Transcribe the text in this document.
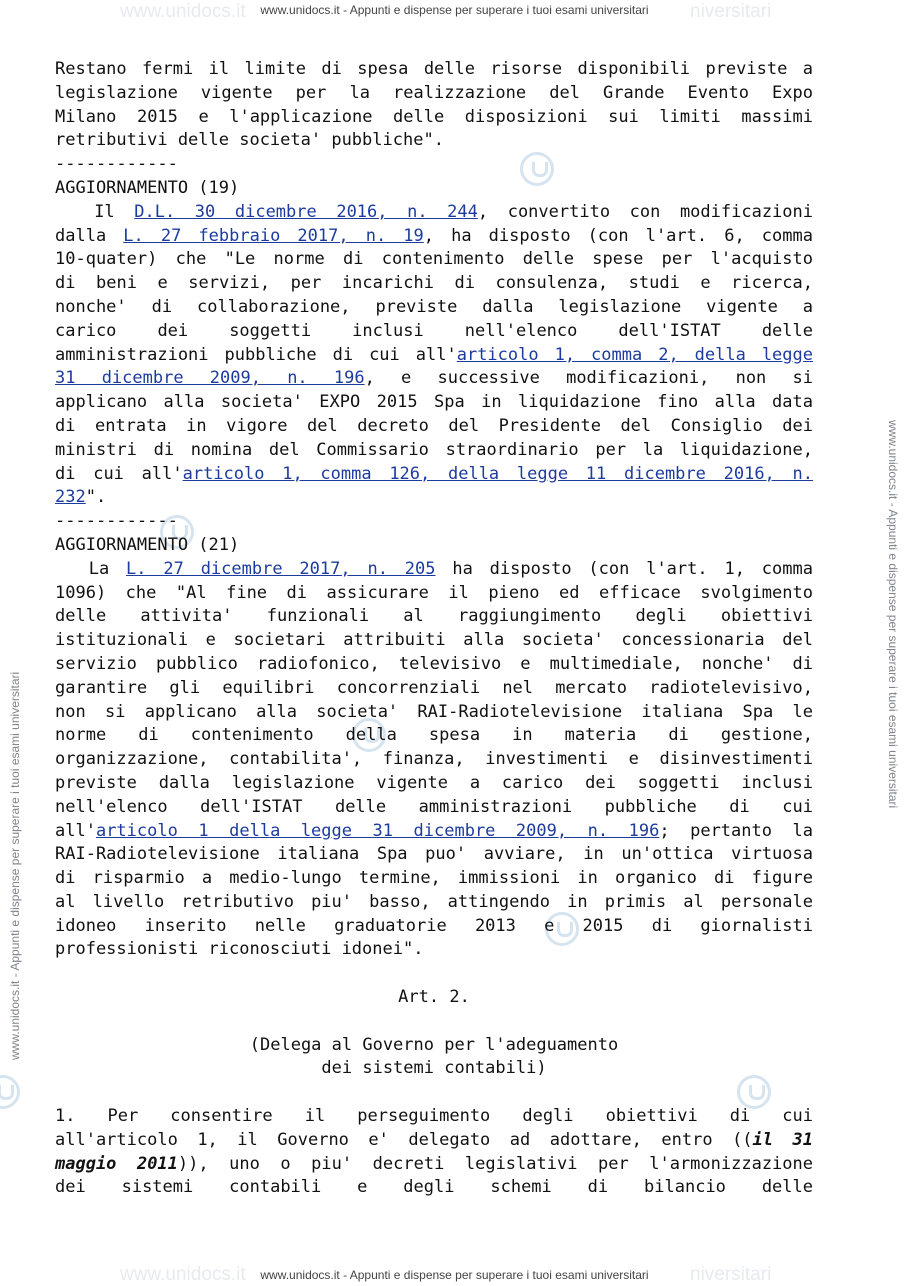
www.unidocs.it	niversitari
www.unidocs.it	niversitari
www.unidocs.it - Appunti e dispense per superare i tuoi esami universitari
www.unidocs.it - Appunti e dispense per superare i tuoi esami universitari
www.unidocs.it - Appunti e dispense per superare i tuoi esami universitari
www.unidocs.it - Appunti e dispense per superare i tuoi esami universitari
Restano fermi il limite di spesa delle risorse disponibili previste a
legislazione vigente per la realizzazione del Grande Evento Expo
Milano 2015 e l'applicazione delle disposizioni sui limiti massimi
retributivi delle societa' pubbliche".
------------
AGGIORNAMENTO (19)
Il D.L. 30 dicembre 2016, n. 244, convertito con modificazioni
dalla L. 27 febbraio 2017, n. 19, ha disposto (con l'art. 6, comma
10-quater) che "Le norme di contenimento delle spese per l'acquisto
di beni e servizi, per incarichi di consulenza, studi e ricerca,
nonche' di collaborazione, previste dalla legislazione vigente a
carico dei soggetti inclusi nell'elenco dell'ISTAT delle
amministrazioni pubbliche di cui all'articolo 1, comma 2, della legge
31 dicembre 2009, n. 196, e successive modificazioni, non si
applicano alla societa' EXPO 2015 Spa in liquidazione fino alla data
di entrata in vigore del decreto del Presidente del Consiglio dei
ministri di nomina del Commissario straordinario per la liquidazione,
di cui all'articolo 1, comma 126, della legge 11 dicembre 2016, n.
232".
------------
AGGIORNAMENTO (21)
La L. 27 dicembre 2017, n. 205 ha disposto (con l'art. 1, comma
1096) che "Al fine di assicurare il pieno ed efficace svolgimento
delle attivita' funzionali al raggiungimento degli obiettivi
istituzionali e societari attribuiti alla societa' concessionaria del
servizio pubblico radiofonico, televisivo e multimediale, nonche' di
garantire gli equilibri concorrenziali nel mercato radiotelevisivo,
non si applicano alla societa' RAI-Radiotelevisione italiana Spa le
norme di contenimento della spesa in materia di gestione,
organizzazione, contabilita', finanza, investimenti e disinvestimenti
previste dalla legislazione vigente a carico dei soggetti inclusi
nell'elenco dell'ISTAT delle amministrazioni pubbliche di cui
all'articolo 1 della legge 31 dicembre 2009, n. 196; pertanto la
RAI-Radiotelevisione italiana Spa puo' avviare, in un'ottica virtuosa
di risparmio a medio-lungo termine, immissioni in organico di figure
al livello retributivo piu' basso, attingendo in primis al personale
idoneo inserito nelle graduatorie 2013 e 2015 di giornalisti
professionisti riconosciuti idonei".
Art. 2.
(Delega al Governo per l'adeguamento
dei sistemi contabili)
1. Per consentire il perseguimento degli obiettivi di cui
all'articolo 1, il Governo e' delegato ad adottare, entro ((il 31
maggio 2011)), uno o piu' decreti legislativi per l'armonizzazione
dei sistemi contabili e degli schemi di bilancio delle
